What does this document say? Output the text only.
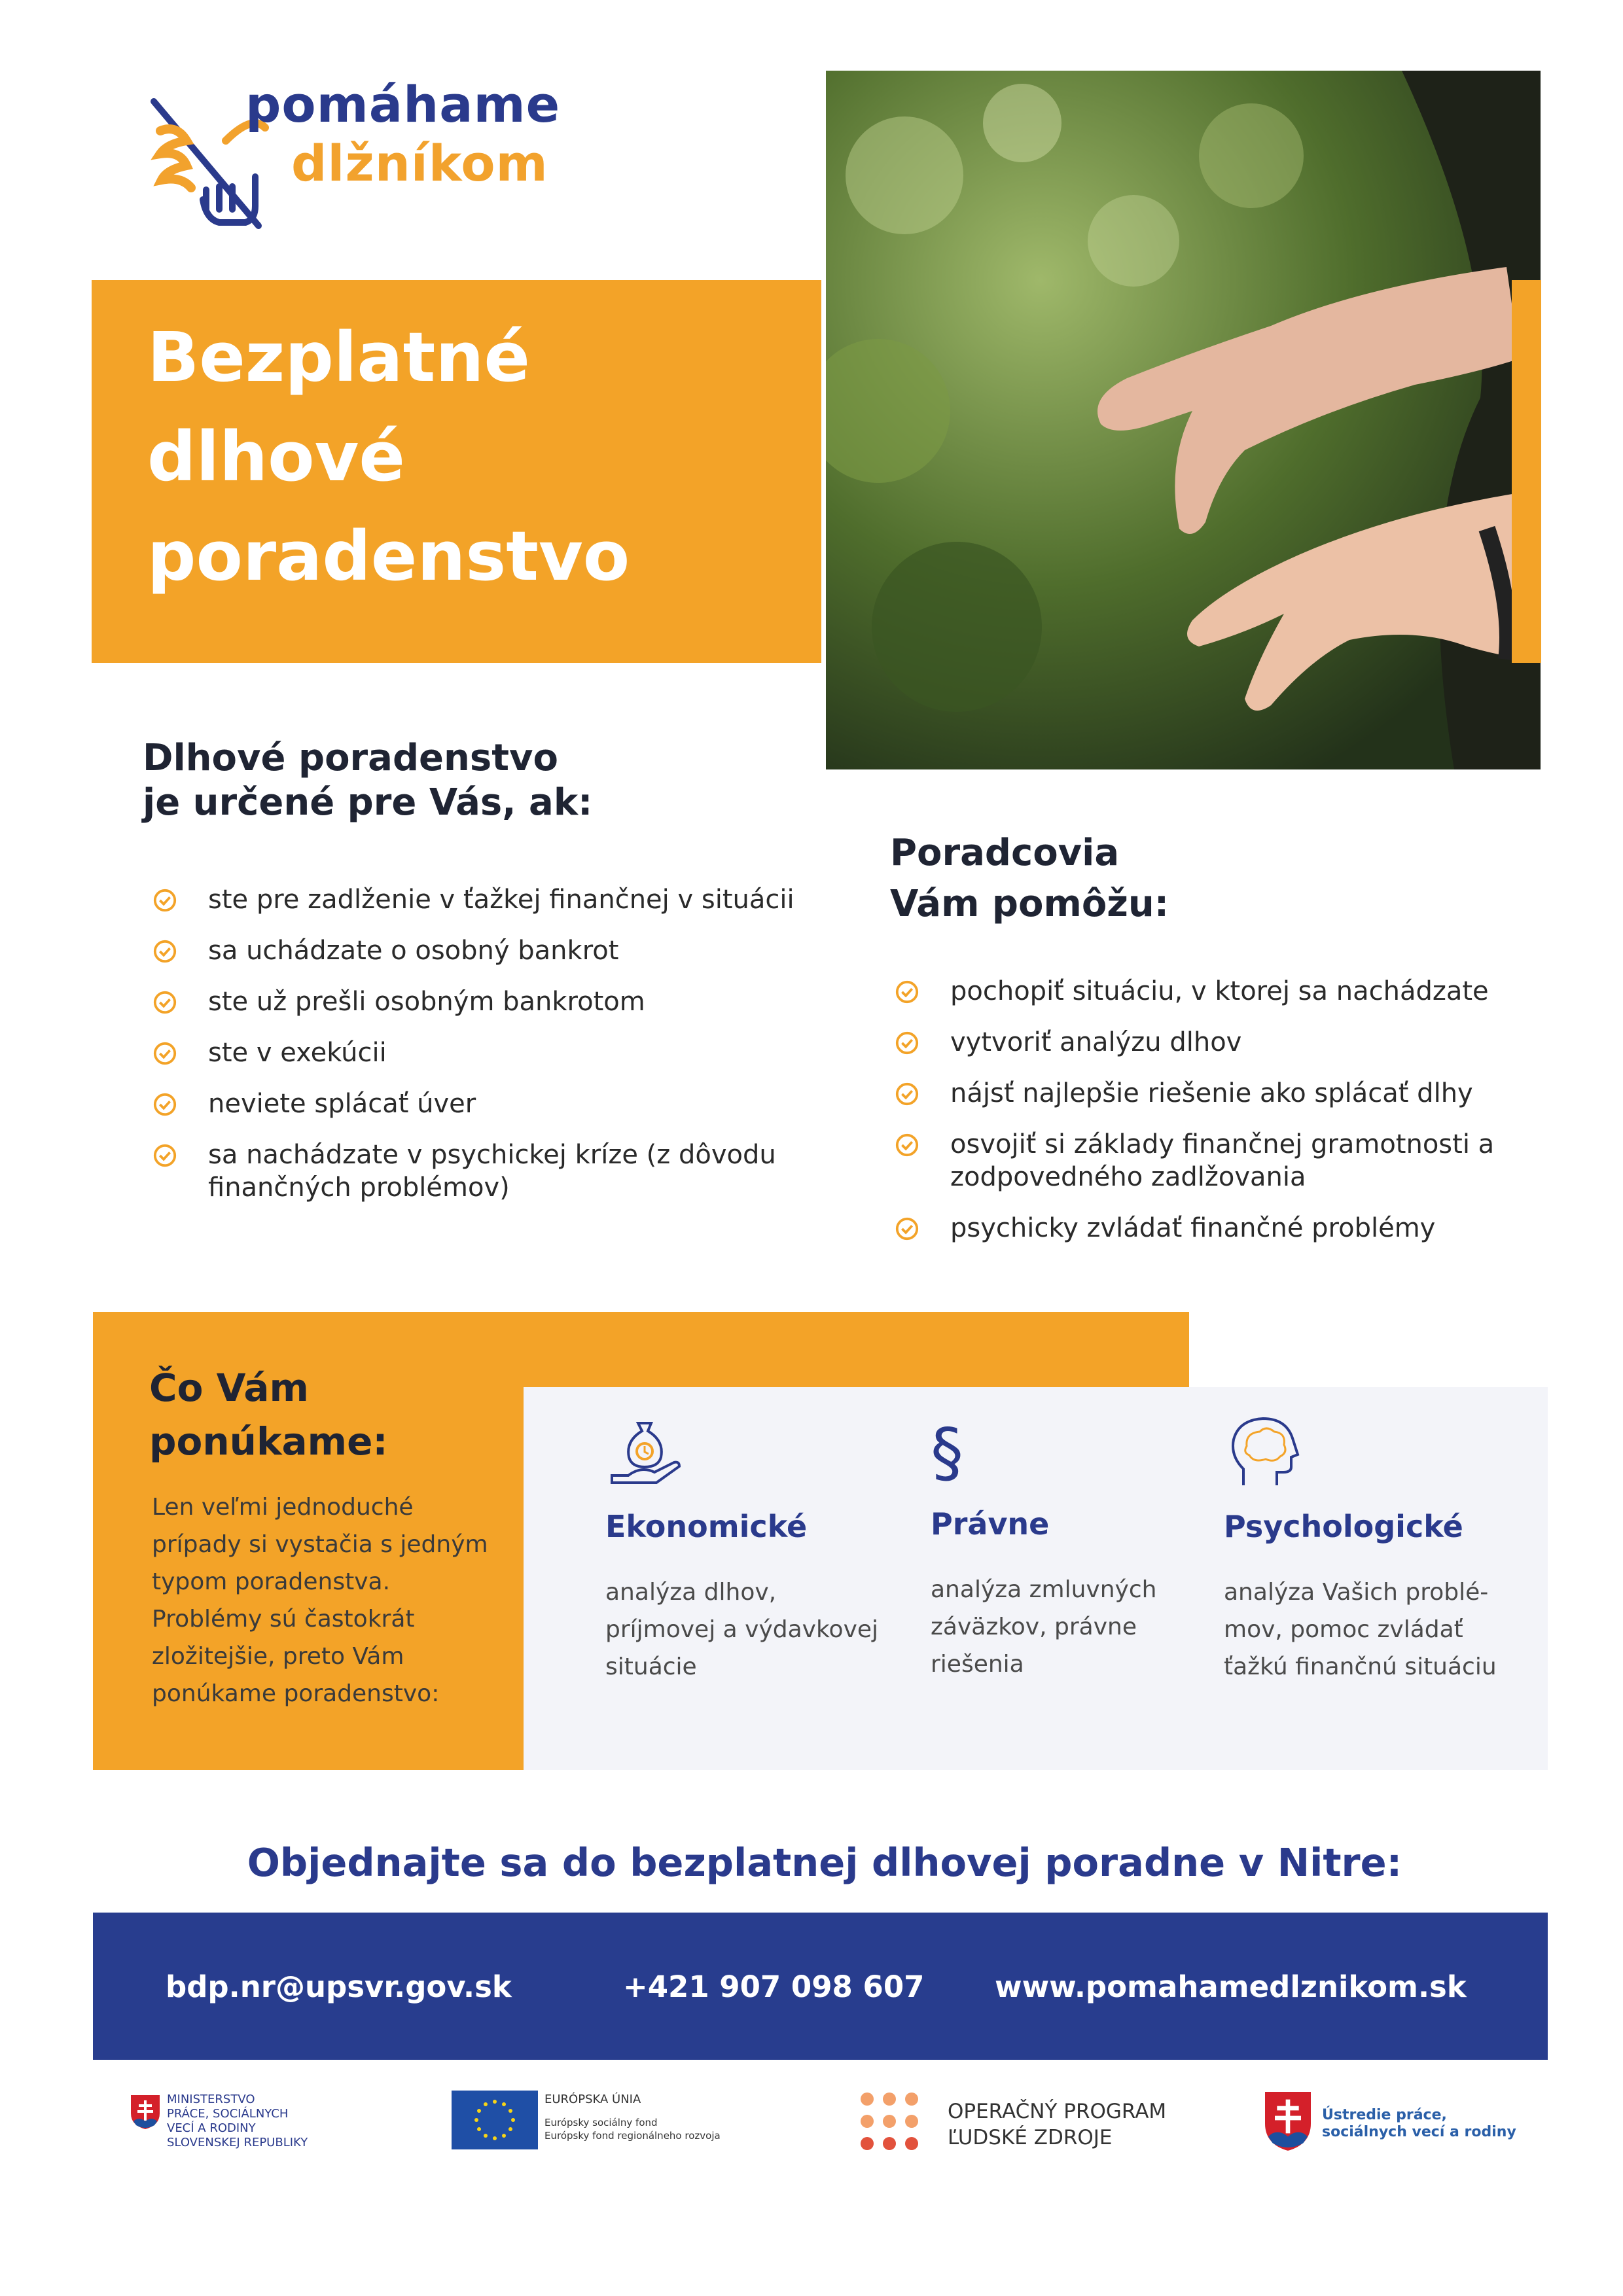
pomáhame
dlžníkom
Bezplatné
dlhové
poradenstvo
Dlhové poradenstvo
je určené pre Vás, ak:
ste pre zadlženie v ťažkej finančnej v situácii
sa uchádzate o osobný bankrot
ste už prešli osobným bankrotom
ste v exekúcii
neviete splácať úver
sa nachádzate v psychickej kríze (z dôvodu finančných problémov)
Poradcovia
Vám pomôžu:
pochopiť situáciu, v ktorej sa nachádzate
vytvoriť analýzu dlhov
nájsť najlepšie riešenie ako splácať dlhy
osvojiť si základy finančnej gramotnosti a zodpovedného zadlžovania
psychicky zvládať finančné problémy
Čo Vám
ponúkame:
Len veľmi jednoduché prípady si vystačia s jedným typom poradenstva. Problémy sú častokrát zložitejšie, preto Vám ponúkame poradenstvo:
Ekonomické
analýza dlhov, príjmovej a výdavkovej situácie
§
Právne
analýza zmluvných záväzkov, právne riešenia
Psychologické
analýza Vašich problé- mov, pomoc zvládať ťažkú finančnú situáciu
Objednajte sa do bezplatnej dlhovej poradne v Nitre:
bdp.nr@upsvr.gov.sk	+421 907 098 607 www.pomahamedlznikom.sk
MINISTERSTVO
PRÁCE, SOCIÁLNYCH
VECÍ A RODINY
SLOVENSKEJ REPUBLIKY
EURÓPSKA ÚNIA
Európsky sociálny fond
Európsky fond regionálneho rozvoja
OPERAČNÝ PROGRAM
ĽUDSKÉ ZDROJE
Ústredie práce,
sociálnych vecí a rodiny
